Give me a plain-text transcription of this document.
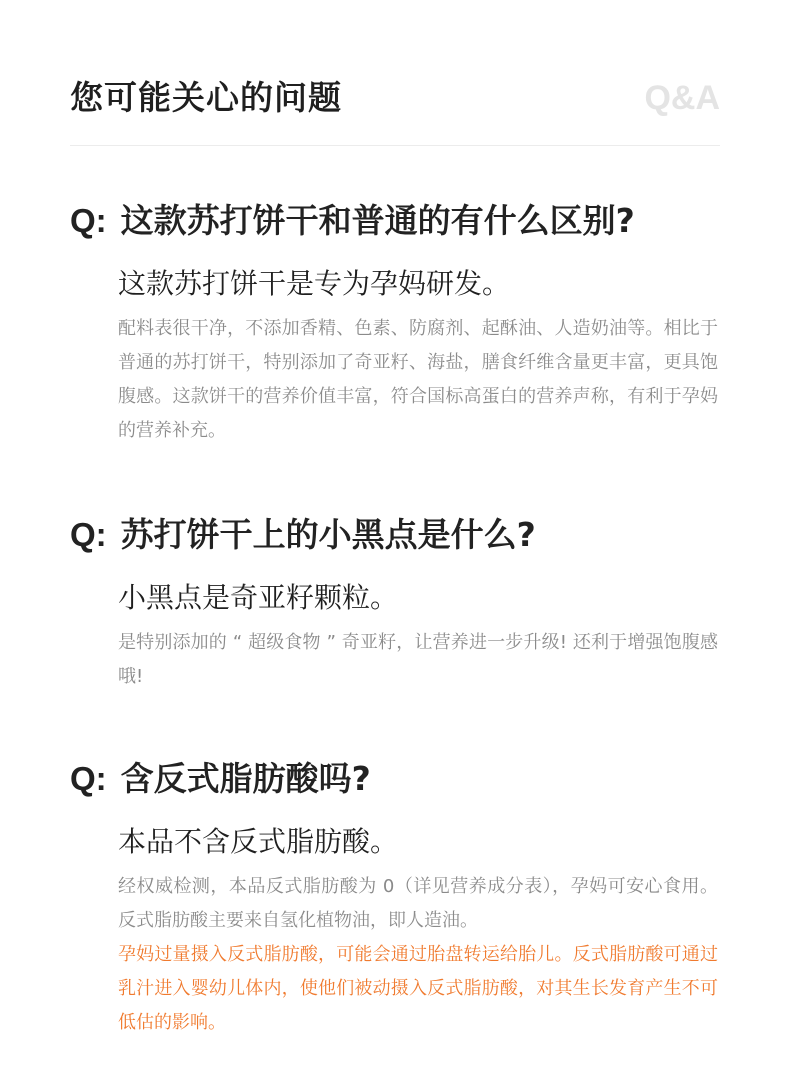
您可能关心的问题	Q&A
Q: 这款苏打饼干和普通的有什么区别?
这款苏打饼干是专为孕妈研发。
配料表很干净，不添加香精、色素、防腐剂、起酥油、人造奶油等。相比于普通的苏打饼干，特别添加了奇亚籽、海盐，膳食纤维含量更丰富，更具饱腹感。这款饼干的营养价值丰富，符合国标高蛋白的营养声称，有利于孕妈的营养补充。
Q: 苏打饼干上的小黑点是什么?
小黑点是奇亚籽颗粒。
是特别添加的 “ 超级食物 ” 奇亚籽，让营养进一步升级! 还利于增强饱腹感哦!
Q: 含反式脂肪酸吗?
本品不含反式脂肪酸。
经权威检测，本品反式脂肪酸为 0（详见营养成分表），孕妈可安心食用。反式脂肪酸主要来自氢化植物油，即人造油。
孕妈过量摄入反式脂肪酸，可能会通过胎盘转运给胎儿。反式脂肪酸可通过乳汁进入婴幼儿体内，使他们被动摄入反式脂肪酸，对其生长发育产生不可低估的影响。
